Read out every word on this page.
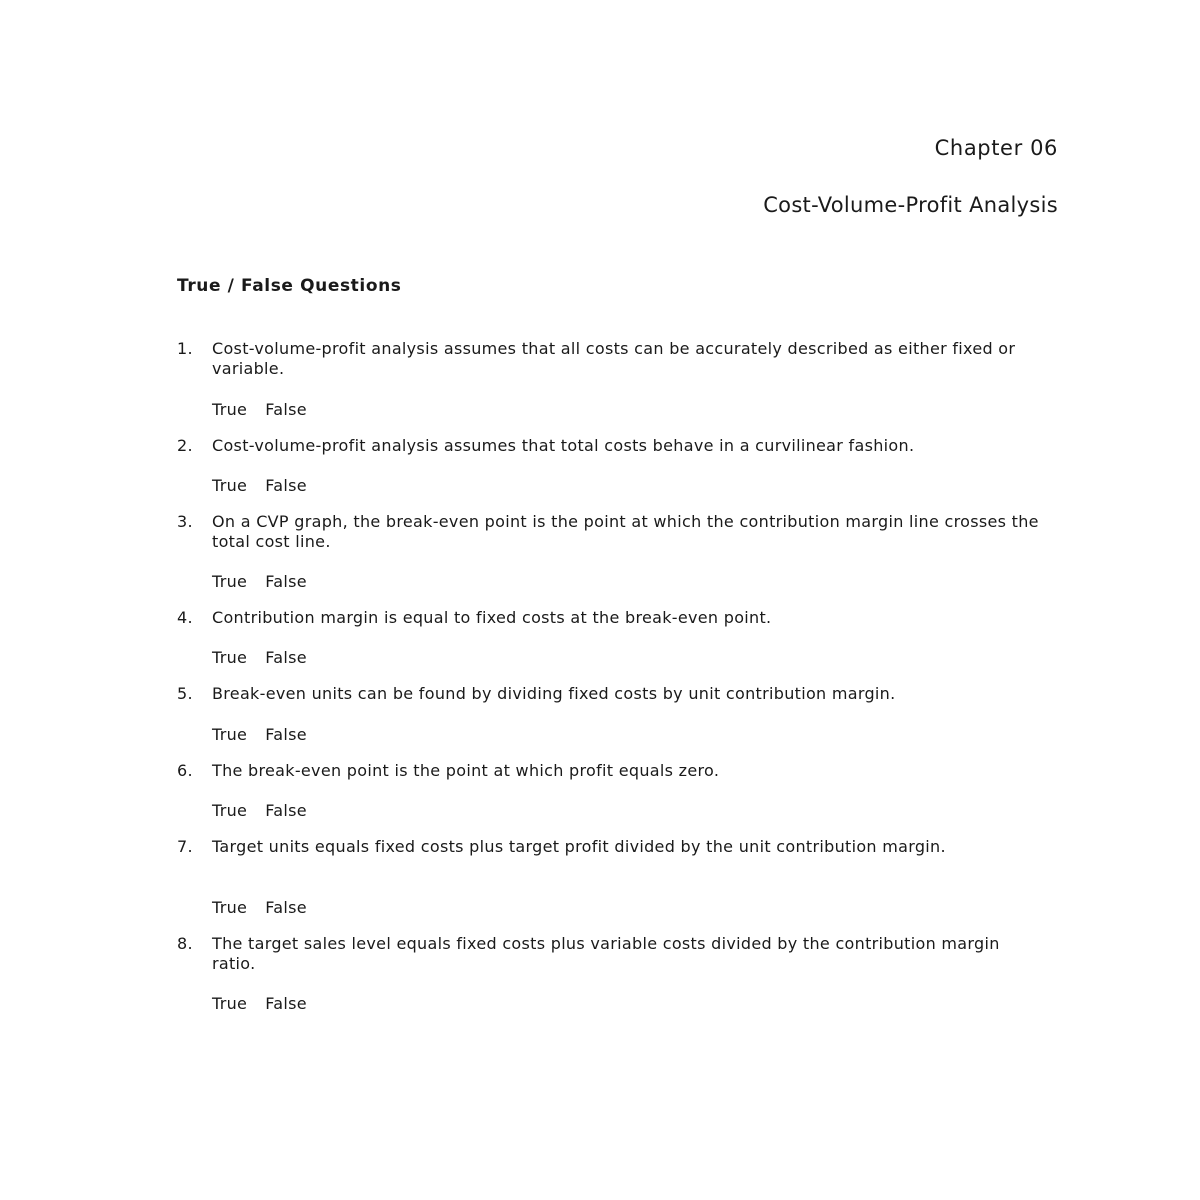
Chapter 06
Cost-Volume-Profit Analysis
True / False Questions
1.	Cost-volume-profit analysis assumes that all costs can be accurately described as either fixed or variable.
True False
2.	Cost-volume-profit analysis assumes that total costs behave in a curvilinear fashion.
True False
3.	On a CVP graph, the break-even point is the point at which the contribution margin line crosses the total cost line.
True False
4.	Contribution margin is equal to fixed costs at the break-even point.
True False
5.	Break-even units can be found by dividing fixed costs by unit contribution margin.
True False
6.	The break-even point is the point at which profit equals zero.
True False
7.	Target units equals fixed costs plus target profit divided by the unit contribution margin.
True False
8.	The target sales level equals fixed costs plus variable costs divided by the contribution margin ratio.
True False
